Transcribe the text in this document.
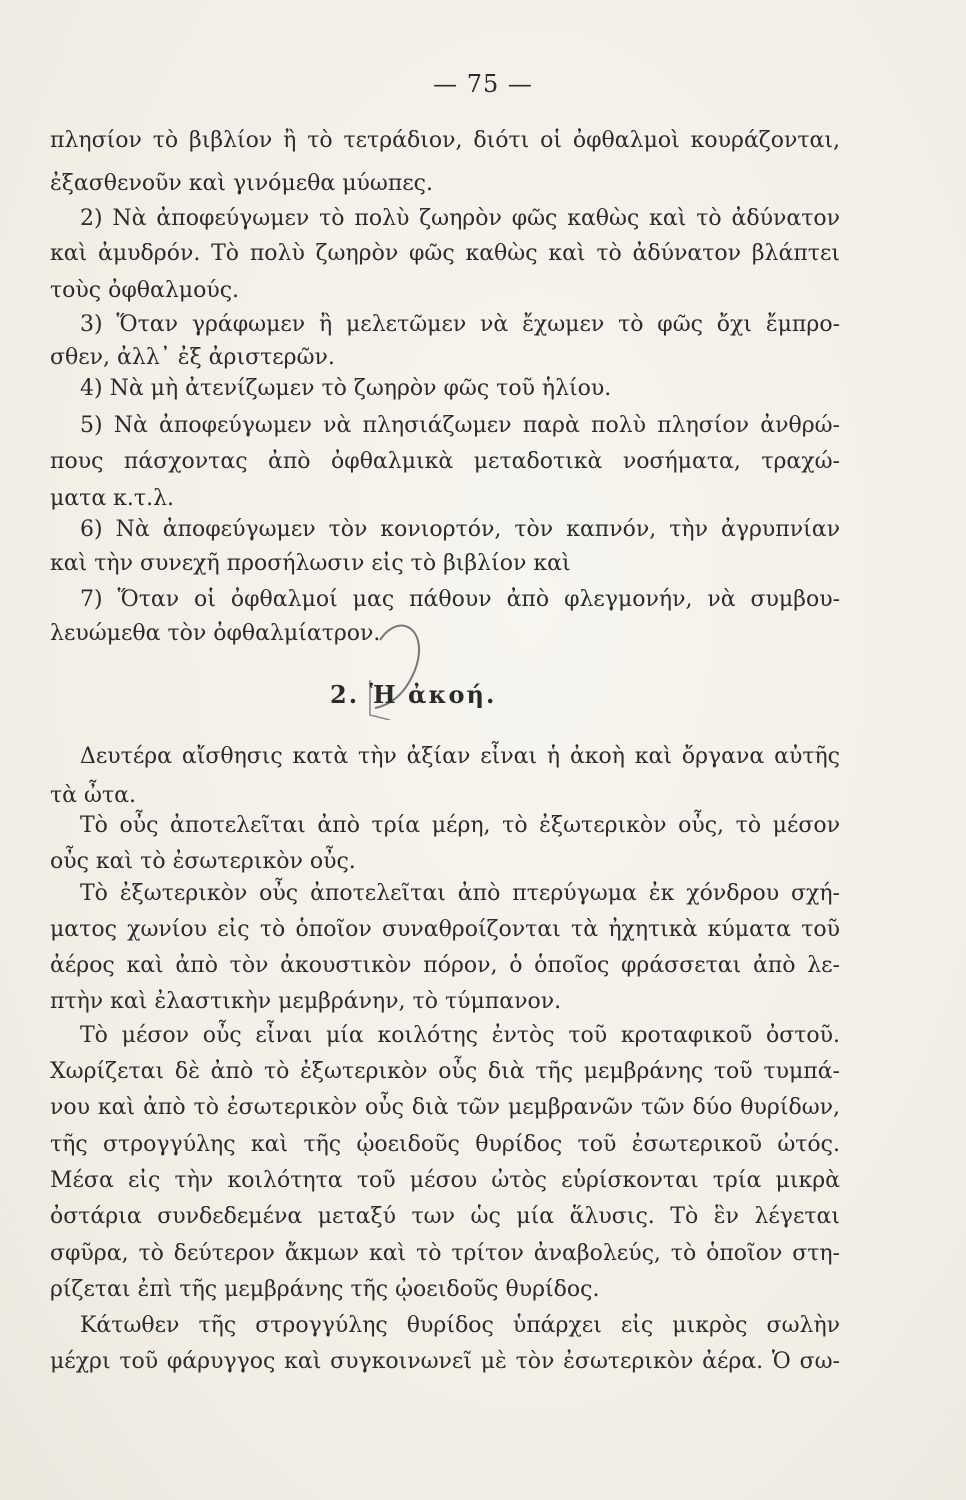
— 75 —
πλησίον τὸ βιβλίον ἢ τὸ τετράδιον, διότι οἱ ὀφθαλμοὶ κουράζονται,
ἐξασθενοῦν καὶ γινόμεθα μύωπες.
2) Νὰ ἀποφεύγωμεν τὸ πολὺ ζωηρὸν φῶς καθὼς καὶ τὸ ἀδύνατον
καὶ ἀμυδρόν. Τὸ πολὺ ζωηρὸν φῶς καθὼς καὶ τὸ ἀδύνατον βλάπτει
τοὺς ὀφθαλμούς.
3) Ὅταν γράφωμεν ἢ μελετῶμεν νὰ ἔχωμεν τὸ φῶς ὄχι ἔμπρο-
σθεν, ἀλλ᾽ ἐξ ἀριστερῶν.
4) Νὰ μὴ ἀτενίζωμεν τὸ ζωηρὸν φῶς τοῦ ἡλίου.
5) Νὰ ἀποφεύγωμεν νὰ πλησιάζωμεν παρὰ πολὺ πλησίον ἀνθρώ-
πους πάσχοντας ἀπὸ ὀφθαλμικὰ μεταδοτικὰ νοσήματα, τραχώ-
ματα κ.τ.λ.
6) Νὰ ἀποφεύγωμεν τὸν κονιορτόν, τὸν καπνόν, τὴν ἀγρυπνίαν
καὶ τὴν συνεχῆ προσήλωσιν εἰς τὸ βιβλίον καὶ
7) Ὅταν οἱ ὀφθαλμοί μας πάθουν ἀπὸ φλεγμονήν, νὰ συμβου-
λευώμεθα τὸν ὀφθαλμίατρον.
2. Ἡ ἀκοή.
Δευτέρα αἴσθησις κατὰ τὴν ἀξίαν εἶναι ἡ ἀκοὴ καὶ ὄργανα αὐτῆς
τὰ ὦτα.
Τὸ οὖς ἀποτελεῖται ἀπὸ τρία μέρη, τὸ ἐξωτερικὸν οὖς, τὸ μέσον
οὖς καὶ τὸ ἐσωτερικὸν οὖς.
Τὸ ἐξωτερικὸν οὖς ἀποτελεῖται ἀπὸ πτερύγωμα ἐκ χόνδρου σχή-
ματος χωνίου εἰς τὸ ὁποῖον συναθροίζονται τὰ ἠχητικὰ κύματα τοῦ
ἀέρος καὶ ἀπὸ τὸν ἀκουστικὸν πόρον, ὁ ὁποῖος φράσσεται ἀπὸ λε-
πτὴν καὶ ἐλαστικὴν μεμβράνην, τὸ τύμπανον.
Τὸ μέσον οὖς εἶναι μία κοιλότης ἐντὸς τοῦ κροταφικοῦ ὀστοῦ.
Χωρίζεται δὲ ἀπὸ τὸ ἐξωτερικὸν οὖς διὰ τῆς μεμβράνης τοῦ τυμπά-
νου καὶ ἀπὸ τὸ ἐσωτερικὸν οὖς διὰ τῶν μεμβρανῶν τῶν δύο θυρίδων,
τῆς στρογγύλης καὶ τῆς ᾠοειδοῦς θυρίδος τοῦ ἐσωτερικοῦ ὠτός.
Μέσα εἰς τὴν κοιλότητα τοῦ μέσου ὠτὸς εὑρίσκονται τρία μικρὰ
ὀστάρια συνδεδεμένα μεταξύ των ὡς μία ἅλυσις. Τὸ ἓν λέγεται
σφῦρα, τὸ δεύτερον ἄκμων καὶ τὸ τρίτον ἀναβολεύς, τὸ ὁποῖον στη-
ρίζεται ἐπὶ τῆς μεμβράνης τῆς ᾠοειδοῦς θυρίδος.
Κάτωθεν τῆς στρογγύλης θυρίδος ὑπάρχει εἰς μικρὸς σωλὴν
μέχρι τοῦ φάρυγγος καὶ συγκοινωνεῖ μὲ τὸν ἐσωτερικὸν ἀέρα. Ὁ σω-
